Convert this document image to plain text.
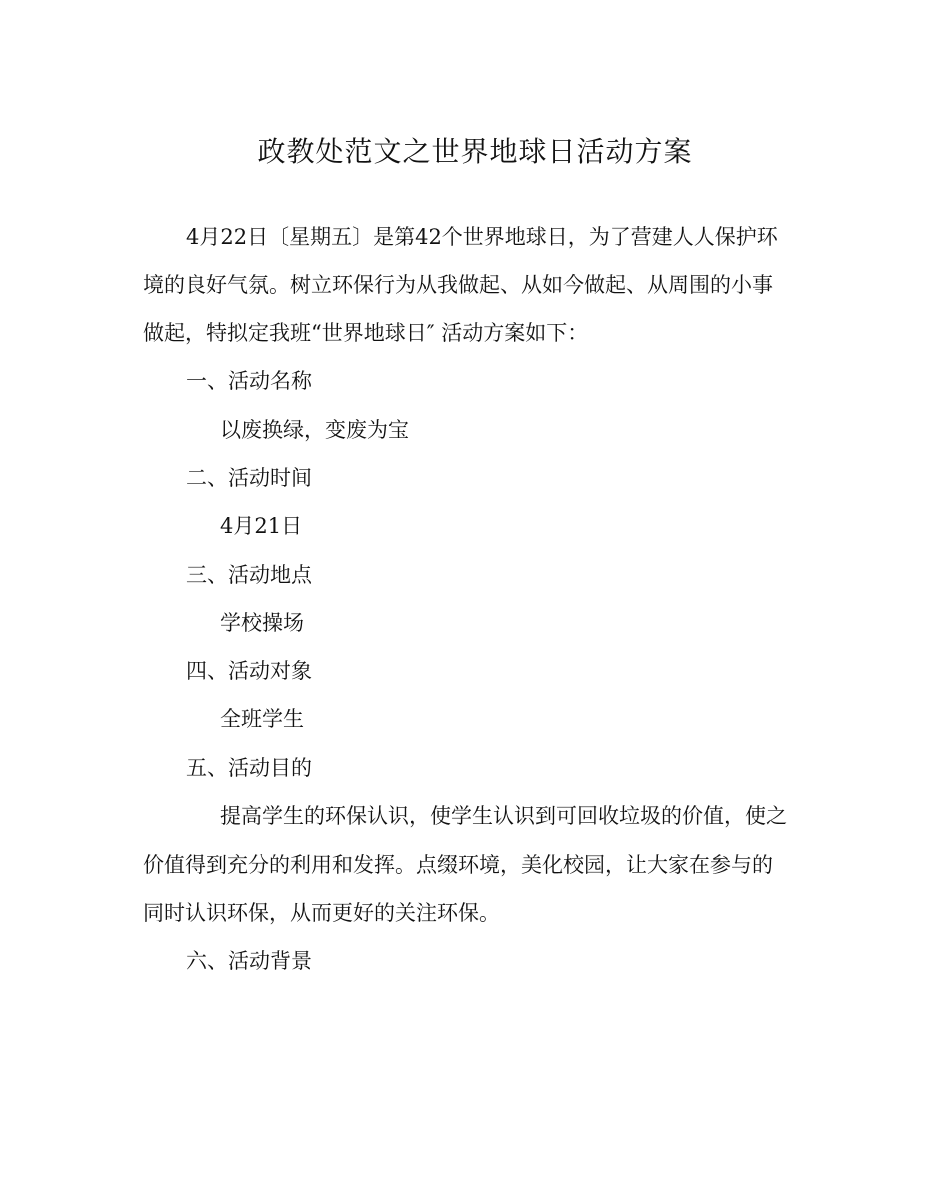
政教处范文之世界地球日活动方案
4月22日〔星期五〕是第42个世界地球日，为了营建人人保护环
境的良好气氛。树立环保行为从我做起、从如今做起、从周围的小事
做起，特拟定我班“世界地球日″ 活动方案如下：
一、活动名称
以废换绿，变废为宝
二、活动时间
4月21日
三、活动地点
学校操场
四、活动对象
全班学生
五、活动目的
提高学生的环保认识，使学生认识到可回收垃圾的价值，使之
价值得到充分的利用和发挥。点缀环境，美化校园，让大家在参与的
同时认识环保，从而更好的关注环保。
六、活动背景
